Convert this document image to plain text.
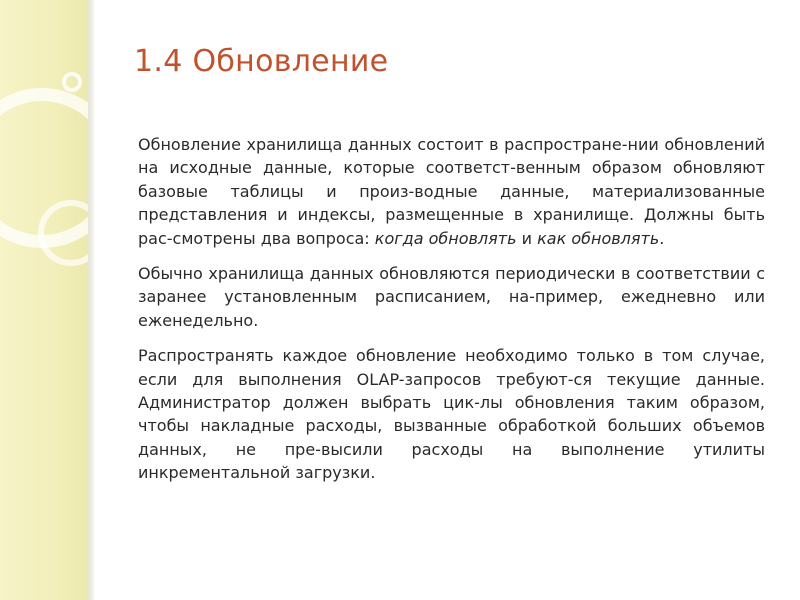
1.4 Обновление

Обновление хранилища данных состоит в распростране-нии обновлений на исходные данные, которые соответст-венным образом обновляют базовые таблицы и произ-водные данные, материализованные представления и индексы, размещенные в хранилище. Должны быть рас-смотрены два вопроса: когда обновлять и как обновлять.

Обычно хранилища данных обновляются периодически в соответствии с заранее установленным расписанием, на-пример, ежедневно или еженедельно.

Распространять каждое обновление необходимо только в том случае, если для выполнения OLAP-запросов требуют-ся текущие данные. Администратор должен выбрать цик-лы обновления таким образом, чтобы накладные расходы, вызванные обработкой больших объемов данных, не пре-высили расходы на выполнение утилиты инкрементальной загрузки.
